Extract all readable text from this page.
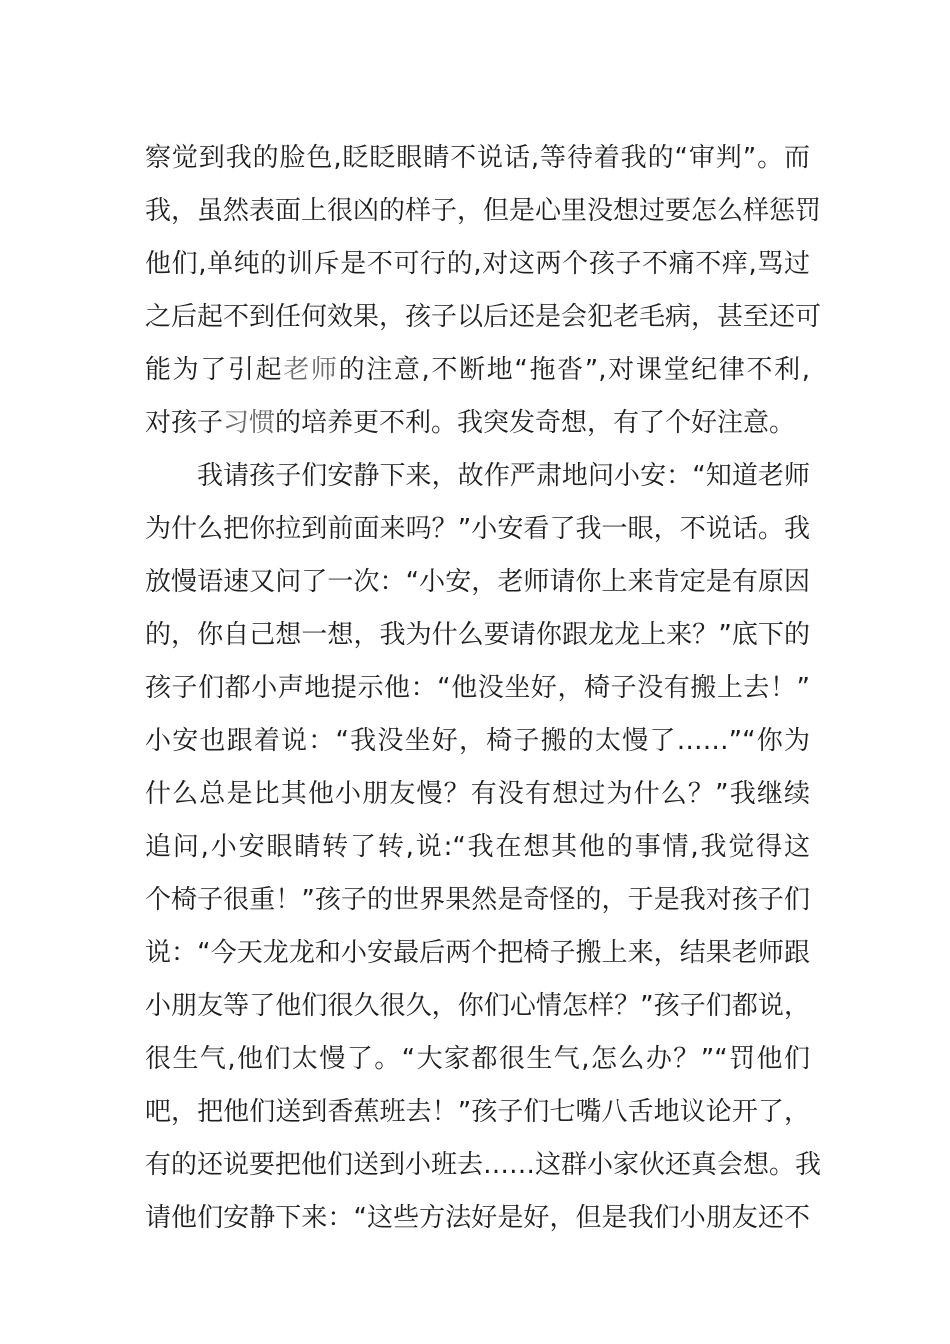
察觉到我的脸色,眨眨眼睛不说话,等待着我的“审判”。而
我，虽然表面上很凶的样子，但是心里没想过要怎么样惩罚
他们,单纯的训斥是不可行的,对这两个孩子不痛不痒,骂过
之后起不到任何效果，孩子以后还是会犯老毛病，甚至还可
能为了引起老师的注意,不断地“拖沓”,对课堂纪律不利,
对孩子习惯的培养更不利。我突发奇想，有了个好注意。
我请孩子们安静下来，故作严肃地问小安：“知道老师
为什么把你拉到前面来吗？”小安看了我一眼，不说话。我
放慢语速又问了一次：“小安，老师请你上来肯定是有原因
的，你自己想一想，我为什么要请你跟龙龙上来？”底下的
孩子们都小声地提示他：“他没坐好，椅子没有搬上去！”
小安也跟着说：“我没坐好，椅子搬的太慢了……”“你为
什么总是比其他小朋友慢？有没有想过为什么？”我继续
追问,小安眼睛转了转,说:“我在想其他的事情,我觉得这
个椅子很重！”孩子的世界果然是奇怪的，于是我对孩子们
说：“今天龙龙和小安最后两个把椅子搬上来，结果老师跟
小朋友等了他们很久很久，你们心情怎样？”孩子们都说，
很生气,他们太慢了。“大家都很生气,怎么办？”“罚他们
吧，把他们送到香蕉班去！”孩子们七嘴八舌地议论开了，
有的还说要把他们送到小班去……这群小家伙还真会想。我
请他们安静下来：“这些方法好是好，但是我们小朋友还不
